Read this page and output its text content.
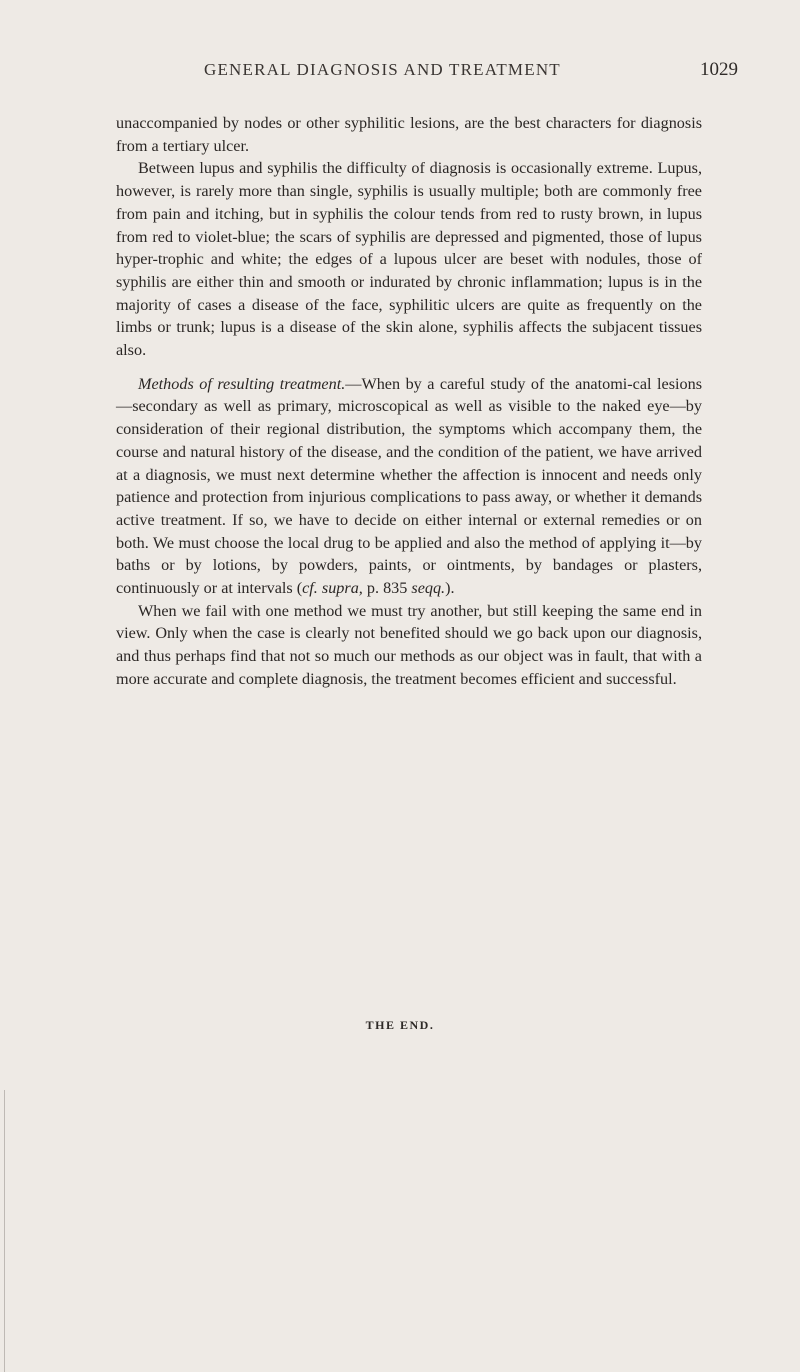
GENERAL DIAGNOSIS AND TREATMENT	1029

unaccompanied by nodes or other syphilitic lesions, are the best characters for diagnosis from a tertiary ulcer.

Between lupus and syphilis the difficulty of diagnosis is occasionally extreme. Lupus, however, is rarely more than single, syphilis is usually multiple; both are commonly free from pain and itching, but in syphilis the colour tends from red to rusty brown, in lupus from red to violet-blue; the scars of syphilis are depressed and pigmented, those of lupus hyper-trophic and white; the edges of a lupous ulcer are beset with nodules, those of syphilis are either thin and smooth or indurated by chronic inflammation; lupus is in the majority of cases a disease of the face, syphilitic ulcers are quite as frequently on the limbs or trunk; lupus is a disease of the skin alone, syphilis affects the subjacent tissues also.

Methods of resulting treatment.—When by a careful study of the anatomi-cal lesions—secondary as well as primary, microscopical as well as visible to the naked eye—by consideration of their regional distribution, the symptoms which accompany them, the course and natural history of the disease, and the condition of the patient, we have arrived at a diagnosis, we must next determine whether the affection is innocent and needs only patience and protection from injurious complications to pass away, or whether it demands active treatment. If so, we have to decide on either internal or external remedies or on both. We must choose the local drug to be applied and also the method of applying it—by baths or by lotions, by powders, paints, or ointments, by bandages or plasters, continuously or at intervals (cf. supra, p. 835 seqq.).

When we fail with one method we must try another, but still keeping the same end in view. Only when the case is clearly not benefited should we go back upon our diagnosis, and thus perhaps find that not so much our methods as our object was in fault, that with a more accurate and complete diagnosis, the treatment becomes efficient and successful.

THE END.
